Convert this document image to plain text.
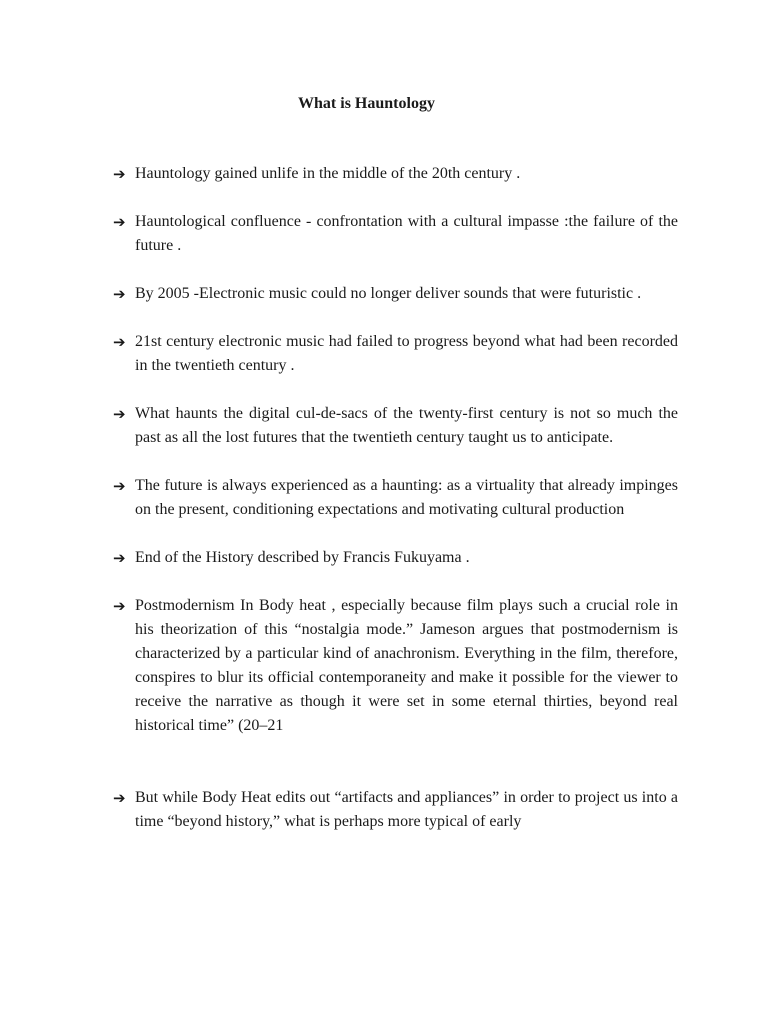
What is Hauntology
➔ Hauntology gained unlife in the middle of the 20th century .
➔ Hauntological confluence - confrontation with a cultural impasse :the failure of the future .
➔ By 2005 -Electronic music could no longer deliver sounds that were futuristic .
➔ 21st century electronic music had failed to progress beyond what had been recorded in the twentieth century .
➔ What haunts the digital cul-de-sacs of the twenty-first century is not so much the past as all the lost futures that the twentieth century taught us to anticipate.
➔ The future is always experienced as a haunting: as a virtuality that already impinges on the present, conditioning expectations and motivating cultural production
➔ End of the History described by Francis Fukuyama .
➔ Postmodernism In Body heat , especially because film plays such a crucial role in his theorization of this “nostalgia mode.” Jameson argues that postmodernism is characterized by a particular kind of anachronism. Everything in the film, therefore, conspires to blur its official contemporaneity and make it possible for the viewer to receive the narrative as though it were set in some eternal thirties, beyond real historical time” (20–21
➔ But while Body Heat edits out “artifacts and appliances” in order to project us into a time “beyond history,” what is perhaps more typical of early
